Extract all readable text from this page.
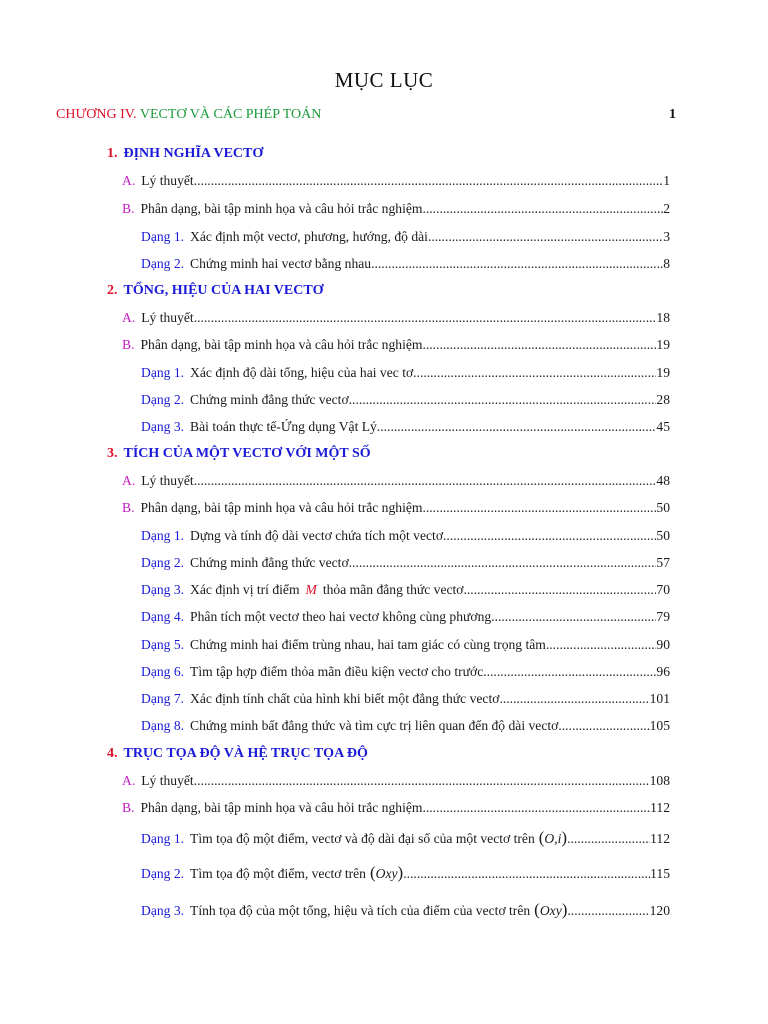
MỤC LỤC
CHƯƠNG IV. VECTƠ VÀ CÁC PHÉP TOÁN	1
1. ĐỊNH NGHĨA VECTƠ
A. Lý thuyết .....	1
B. Phân dạng, bài tập minh họa và câu hỏi trắc nghiệm .....	2
Dạng 1. Xác định một vectơ, phương, hướng, độ dài .....	3
Dạng 2. Chứng minh hai vectơ bằng nhau .....	8
2. TỔNG, HIỆU CỦA HAI VECTƠ
A. Lý thuyết .....	18
B. Phân dạng, bài tập minh họa và câu hỏi trắc nghiệm .....	19
Dạng 1. Xác định độ dài tổng, hiệu của hai vec tơ .....	19
Dạng 2. Chứng minh đẳng thức vectơ .....	28
Dạng 3. Bài toán thực tế-Ứng dụng Vật Lý .....	45
3. TÍCH CỦA MỘT VECTƠ VỚI MỘT SỐ
A. Lý thuyết .....	48
B. Phân dạng, bài tập minh họa và câu hỏi trắc nghiệm .....	50
Dạng 1. Dựng và tính độ dài vectơ chứa tích một vectơ. .....	50
Dạng 2. Chứng minh đẳng thức vectơ .....	57
Dạng 3. Xác định vị trí điểm M thỏa mãn đẳng thức vectơ .....	70
Dạng 4. Phân tích một vectơ theo hai vectơ không cùng phương .....	79
Dạng 5. Chứng minh hai điểm trùng nhau, hai tam giác có cùng trọng tâm. .....	90
Dạng 6. Tìm tập hợp điểm thỏa mãn điều kiện vectơ cho trước .....	96
Dạng 7. Xác định tính chất của hình khi biết một đẳng thức vectơ .....	101
Dạng 8. Chứng minh bất đẳng thức và tìm cực trị liên quan đến độ dài vectơ .....	105
4. TRỤC TỌA ĐỘ VÀ HỆ TRỤC TỌA ĐỘ
A. Lý thuyết .....	108
B. Phân dạng, bài tập minh họa và câu hỏi trắc nghiệm .....	112
Dạng 1. Tìm tọa độ một điểm, vectơ và độ dài đại số của một vectơ trên (O,i) .....	112
Dạng 2. Tìm tọa độ một điểm, vectơ trên (Oxy) .....	115
Dạng 3. Tính tọa độ của một tổng, hiệu và tích của điểm của vectơ trên (Oxy) .....	120
